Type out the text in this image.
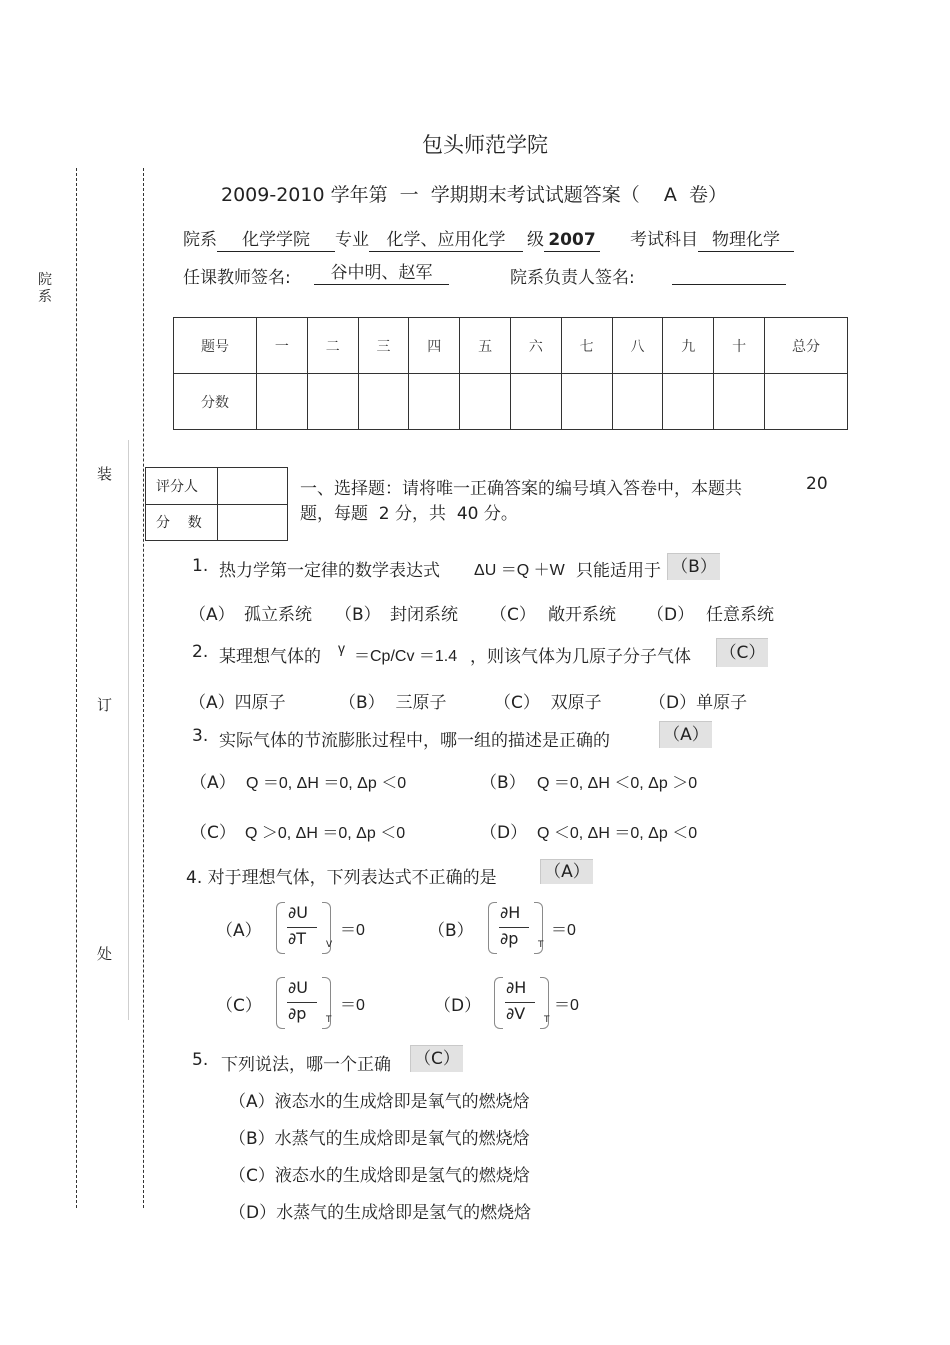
院系
装
订
处
包头师范学院
2009-2010 学年第  一  学期期末考试试题答案（    A  卷）
院系 化学学院 专业 化学、应用化学 级 2007 考试科目 物理化学
任课教师签名:	谷中明、赵军	院系负责人签名:
题号	一	二	三	四	五	六	七	八	九	十	总分
分数											
评分人	
分    数	
一、选择题：请将唯一正确答案的编号填入答卷中，本题共	20
题，每题  2 分，共  40 分。
1. 热力学第一定律的数学表达式 ΔU ＝Q ＋W 只能适用于 （B）
（A） 孤立系统 （B） 封闭系统 （C） 敞开系统 （D） 任意系统
2. 某理想气体的 γ ＝Cp/Cv ＝1.4 ，则该气体为几原子分子气体 （C）
（A）四原子	（B）  三原子	（C）  双原子	（D）单原子
3. 实际气体的节流膨胀过程中，哪一组的描述是正确的	（A）
（A） Q ＝0, ΔH ＝0, Δp ＜0	（B） Q ＝0, ΔH ＜0, Δp ＞0
（C） Q ＞0, ΔH ＝0, Δp ＜0	（D） Q ＜0, ΔH ＝0, Δp ＜0
4. 对于理想气体，下列表达式不正确的是	（A）
（A）
∂U
∂T V
＝0	（B）
∂H
∂p T
＝0
（C）
∂U
∂p T
＝0	（D）
∂H
∂V T
＝0
5. 下列说法，哪一个正确 （C）
（A）液态水的生成焓即是氧气的燃烧焓
（B）水蒸气的生成焓即是氧气的燃烧焓
（C）液态水的生成焓即是氢气的燃烧焓
（D）水蒸气的生成焓即是氢气的燃烧焓
